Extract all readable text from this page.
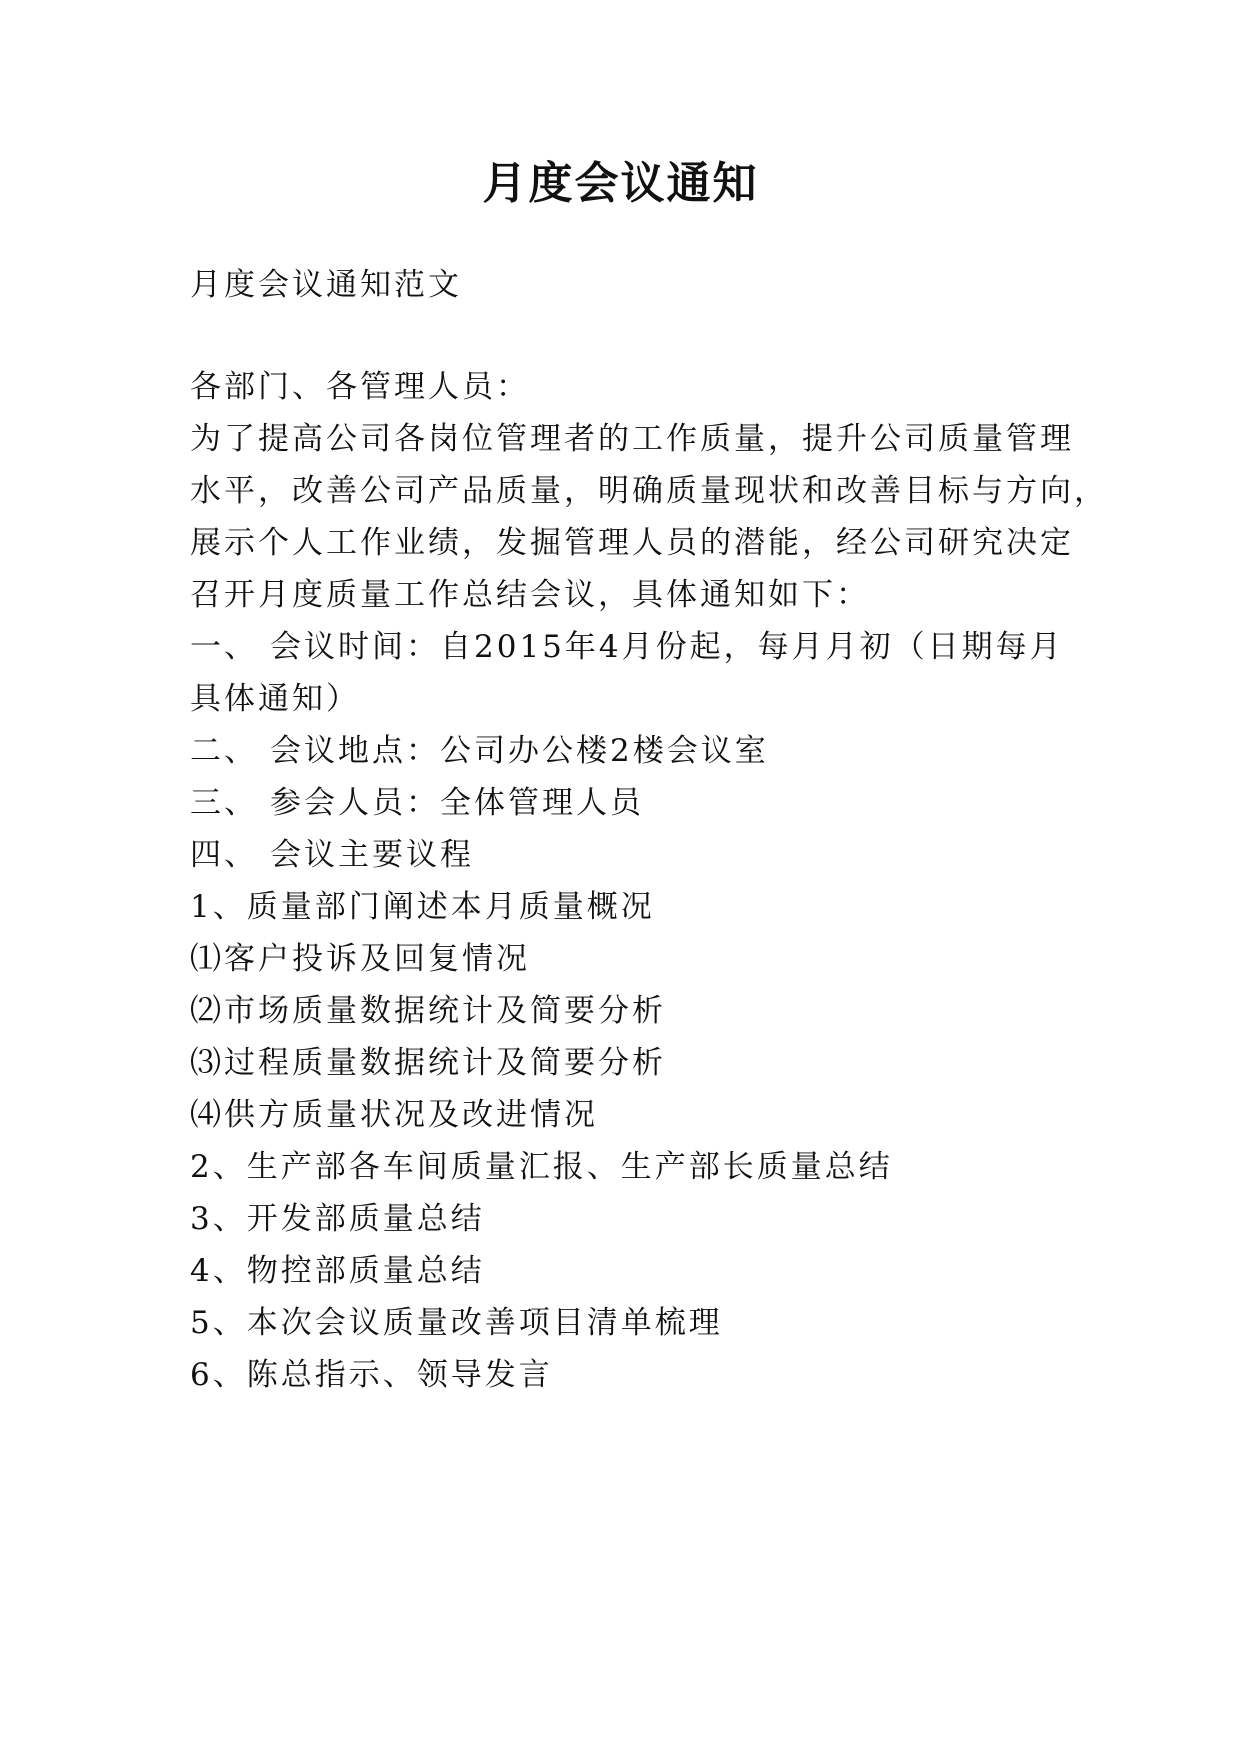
月度会议通知
月度会议通知范文
各部门、各管理人员：
为了提高公司各岗位管理者的工作质量，提升公司质量管理
水平，改善公司产品质量，明确质量现状和改善目标与方向，
展示个人工作业绩，发掘管理人员的潜能，经公司研究决定
召开月度质量工作总结会议，具体通知如下：
一、 会议时间：自2015年4月份起，每月月初（日期每月
具体通知）
二、 会议地点：公司办公楼2楼会议室
三、 参会人员：全体管理人员
四、 会议主要议程
1、质量部门阐述本月质量概况
⑴客户投诉及回复情况
⑵市场质量数据统计及简要分析
⑶过程质量数据统计及简要分析
⑷供方质量状况及改进情况
2、生产部各车间质量汇报、生产部长质量总结
3、开发部质量总结
4、物控部质量总结
5、本次会议质量改善项目清单梳理
6、陈总指示、领导发言
